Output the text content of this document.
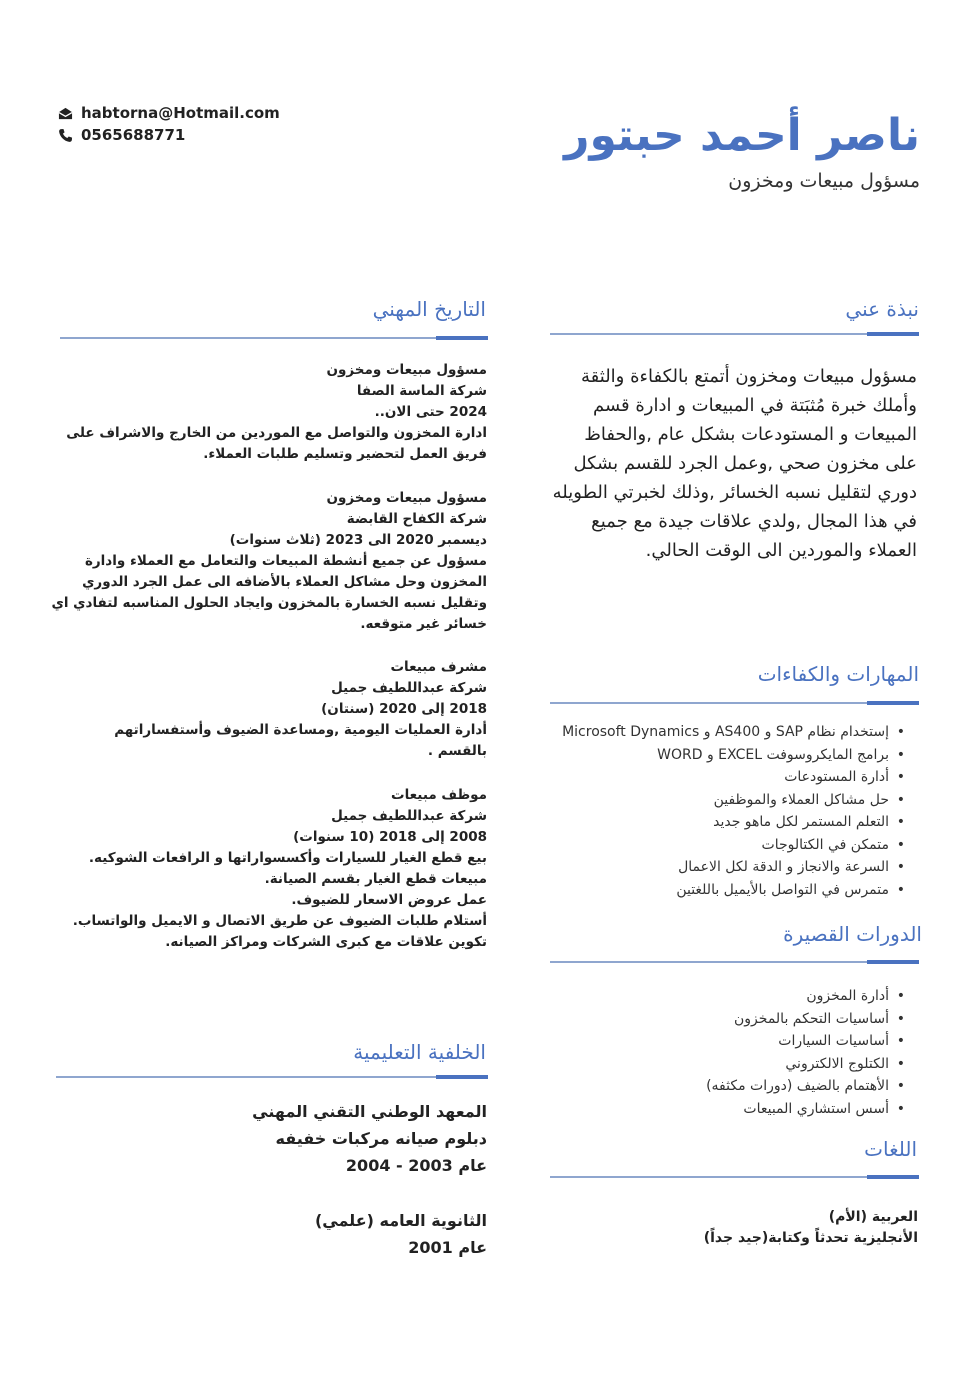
ناصر أحمد حبتور
مسؤول مبيعات ومخزون
habtorna@Hotmail.com
0565688771
نبذة عني
مسؤول مبيعات ومخزون أتمتع بالكفاءة والثقة وأملك خبرة مُثبَتة في المبيعات و ادارة قسم المبيعات و المستودعات بشكل عام ,والحفاظ على مخزون صحي ,وعمل الجرد للقسم بشكل دوري لتقليل نسبه الخسائر ,وذلك لخبرتي الطويله في هذا المجال ,ولدي علاقات جيدة مع جميع العملاء والموردين الى الوقت الحالي.
المهارات والكفاءات
• إستخدام نظام SAP و AS400 و Microsoft Dynamics
• برامج المايكروسوفت EXCEL و WORD
• أدارة المستودعات
• حل مشاكل العملاء والموظفين
• التعلم المستمر لكل ماهو جديد
• متمكن في الكتالوجات
• السرعة والانجاز و الدقة لكل الاعمال
• متمرس في التواصل بالأيميل باللغتين
الدورات القصيرة
• أدارة المخزون
• أساسيات التحكم بالمخزون
• أساسيات السيارات
• الكتلوج الالكتروني
• الأهتمام بالضيف (دورات مكثفه)
• أسس استشاري المبيعات
اللغات
العربية (الأم)
الأنجليزية تحدثاً وكتابة(جيد جداً)
التاريخ المهني
مسؤول مبيعات ومخزون
شركة الماسة الصفا
2024 حتى الان..
ادارة المخزون والتواصل مع الموردين من الخارج والاشراف على
فريق العمل لتحضير وتسليم طلبات العملاء.
مسؤول مبيعات ومخزون
شركة الكفاح القابضة
ديسمبر 2020 الى 2023 (ثلاث سنوات)
مسؤول عن جميع أنشطة المبيعات والتعامل مع العملاء وادارة
المخزون وحل مشاكل العملاء بالأضافه الى عمل الجرد الدوري
وتقليل نسبه الخسارة بالمخزون وايجاد الحلول المناسبه لتفادي اي
خسائر غير متوقعه.
مشرف مبيعات
شركة عبداللطيف جميل
2018 إلى 2020 (سنتان)
أدارة العمليات اليومية ,ومساعدة الضيوف وأستفساراتهم
بالقسم .
موظف مبيعات
شركة عبداللطيف جميل
2008 إلى 2018 (10 سنوات)
بيع قطع الغيار للسيارات وأكسسواراتها و الرافعات الشوكيه.
مبيعات قطع الغيار بقسم الصيانة.
عمل عروض الاسعار للضيوف.
أستلام طلبات الضيوف عن طريق الاتصال و الايميل والواتساب.
تكوين علاقات مع كبرى الشركات ومراكز الصيانه.
الخلفية التعليمية
المعهد الوطني التقني المهني
دبلوم صيانه مركبات خفيفه
عام 2003 - 2004
الثانوية العامه (علمي)
عام 2001
